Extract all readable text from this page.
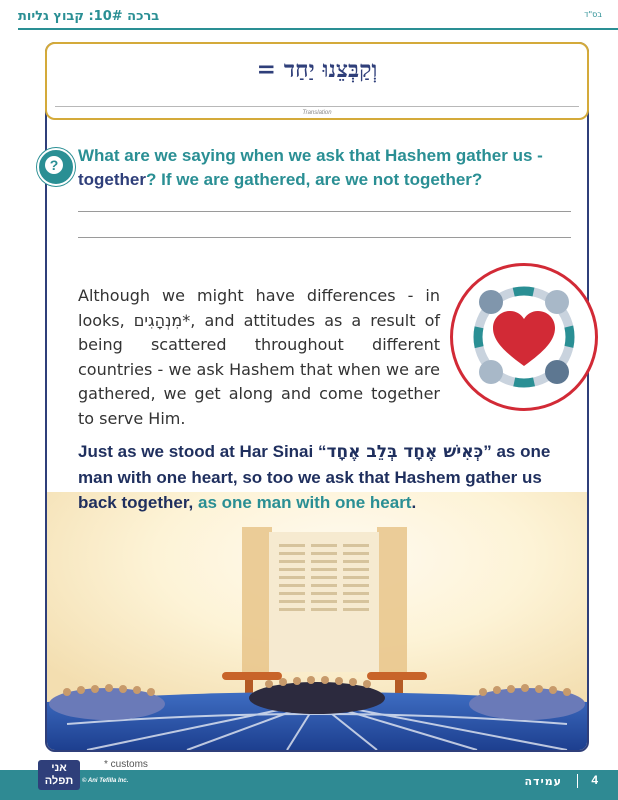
ברכה 10#: קבוץ גליות	בס"ד
וְקַבְּצֵנוּ יַחַד =
Translation
? What are we saying when we ask that Hashem gather us - together? If we are gathered, are we not together?
Although we might have differences - in looks, מִנְהָגִים*, and attitudes as a result of being scattered throughout different countries - we ask Hashem that when we are gathered, we get along and come together to serve Him.
Just as we stood at Har Sinai “כְּאִישׁ אֶחָד בְּלֵב אֶחָד” as one man with one heart, so too we ask that Hashem gather us back together, as one man with one heart.
* customs
אני תפלה	© Ani Tefilla Inc.	עמידה 4
